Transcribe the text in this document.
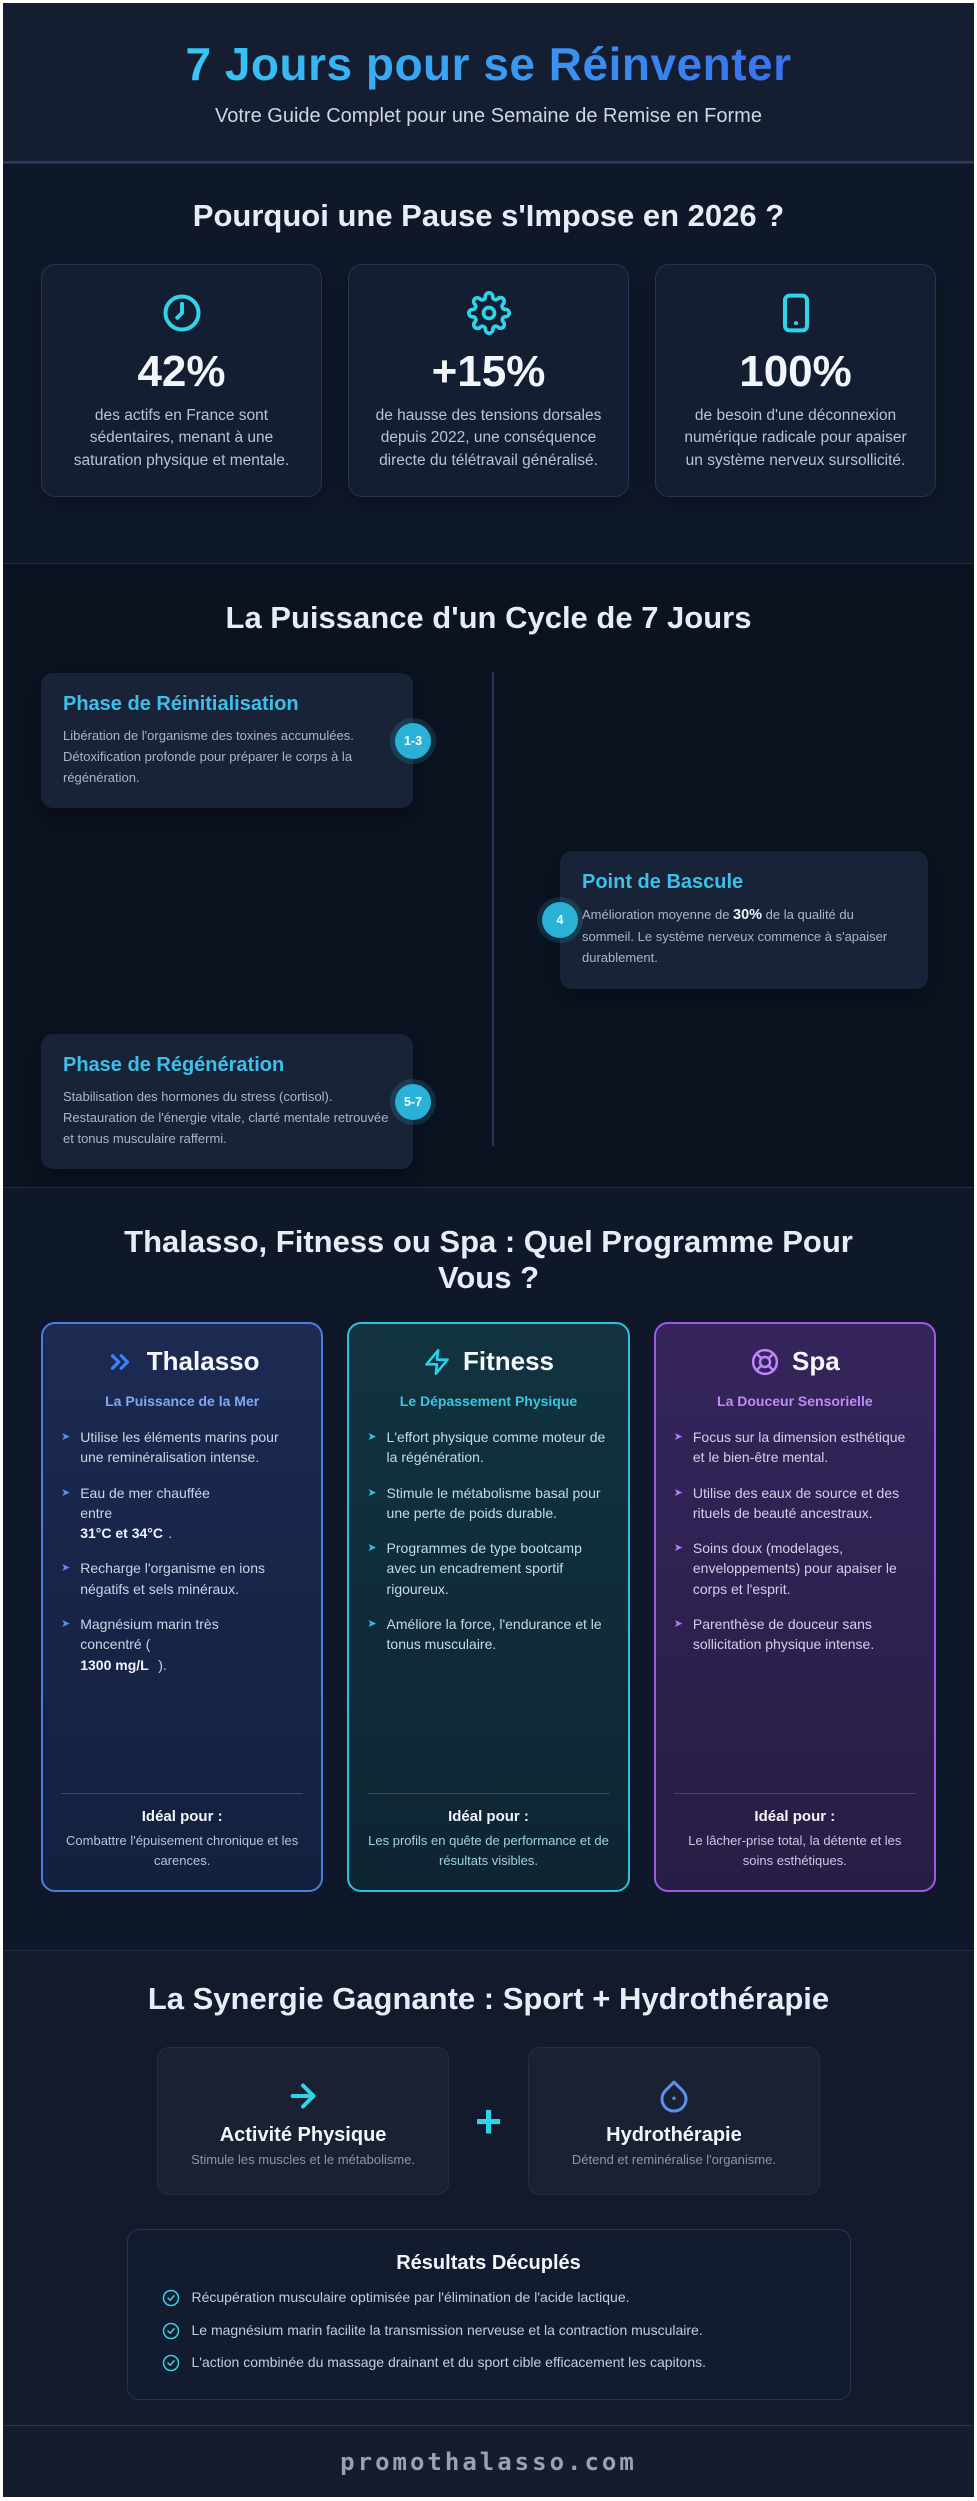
7 Jours pour se Réinventer
Votre Guide Complet pour une Semaine de Remise en Forme
Pourquoi une Pause s'Impose en 2026 ?
42%
des actifs en France sont sédentaires, menant à une saturation physique et mentale.
+15%
de hausse des tensions dorsales depuis 2022, une conséquence directe du télétravail généralisé.
100%
de besoin d'une déconnexion numérique radicale pour apaiser un système nerveux sursollicité.
La Puissance d'un Cycle de 7 Jours
Phase de Réinitialisation

Libération de l'organisme des toxines accumulées. Détoxification profonde pour préparer le corps à la régénération.

1-3
Point de Bascule

Amélioration moyenne de 30% de la qualité du sommeil. Le système nerveux commence à s'apaiser durablement.

4
Phase de Régénération

Stabilisation des hormones du stress (cortisol). Restauration de l'énergie vitale, clarté mentale retrouvée et tonus musculaire raffermi.

5-7
Thalasso, Fitness ou Spa : Quel Programme Pour Vous ?
Thalasso
La Puissance de la Mer
➤ Utilise les éléments marins pour une reminéralisation intense.
➤ Eau de mer chauffée entre 31°C et 34°C .
➤ Recharge l'organisme en ions négatifs et sels minéraux.
➤ Magnésium marin très concentré ( 1300 mg/L ).
Idéal pour :
Combattre l'épuisement chronique et les carences.
Fitness
Le Dépassement Physique
➤ L'effort physique comme moteur de la régénération.
➤ Stimule le métabolisme basal pour une perte de poids durable.
➤ Programmes de type bootcamp avec un encadrement sportif rigoureux.
➤ Améliore la force, l'endurance et le tonus musculaire.
Idéal pour :
Les profils en quête de performance et de résultats visibles.
Spa
La Douceur Sensorielle
➤ Focus sur la dimension esthétique et le bien-être mental.
➤ Utilise des eaux de source et des rituels de beauté ancestraux.
➤ Soins doux (modelages, enveloppements) pour apaiser le corps et l'esprit.
➤ Parenthèse de douceur sans sollicitation physique intense.
Idéal pour :
Le lâcher-prise total, la détente et les soins esthétiques.
La Synergie Gagnante : Sport + Hydrothérapie
Activité Physique
Stimule les muscles et le métabolisme.
+	Hydrothérapie
Détend et reminéralise l'organisme.
Résultats Décuplés
Récupération musculaire optimisée par l'élimination de l'acide lactique.
Le magnésium marin facilite la transmission nerveuse et la contraction musculaire.
L'action combinée du massage drainant et du sport cible efficacement les capitons.
promothalasso.com
